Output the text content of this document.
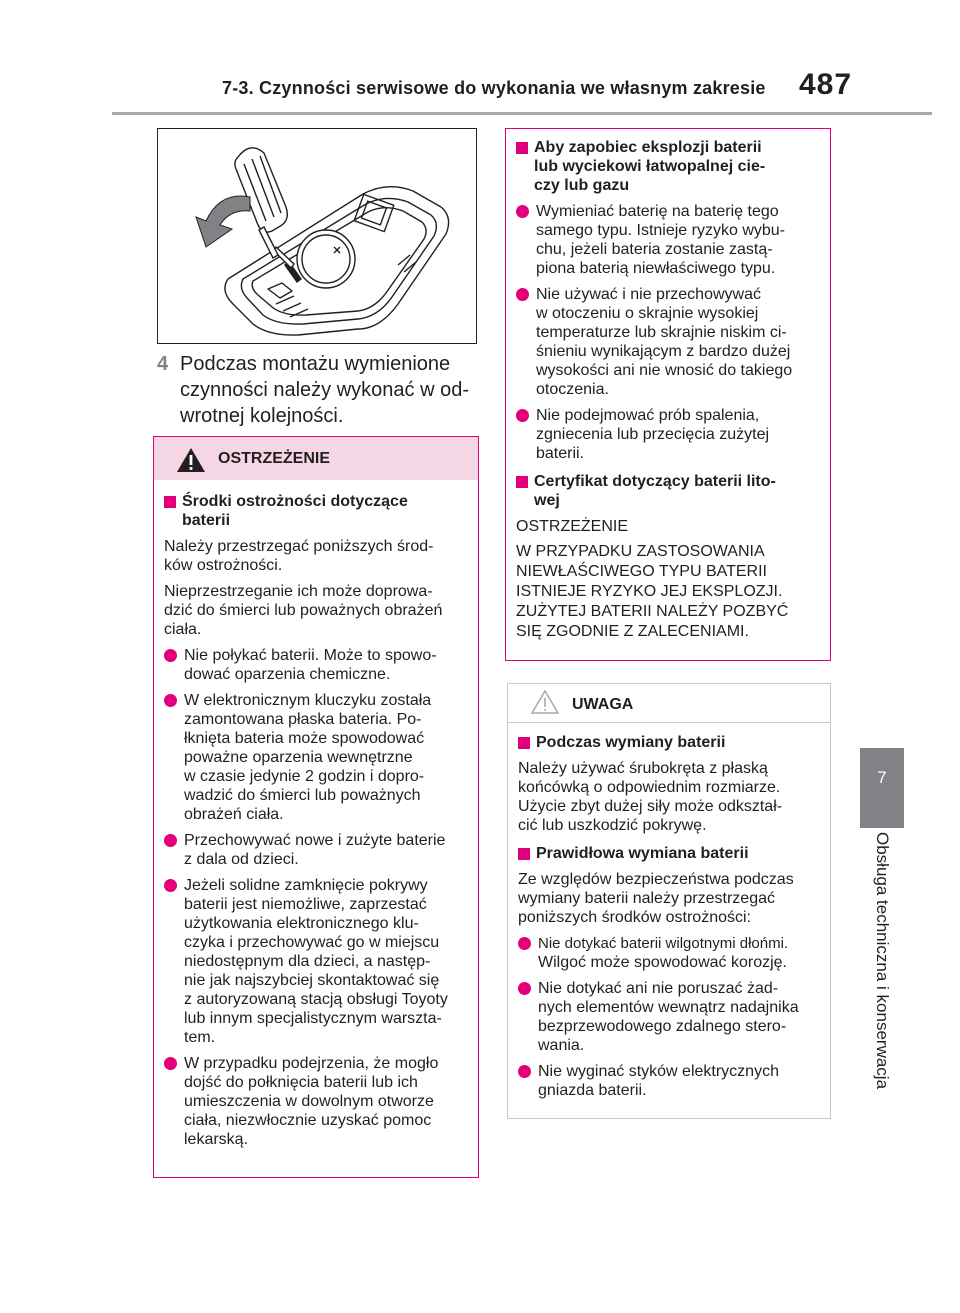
7-3. Czynności serwisowe do wykonania we własnym zakresie 487
7
Obsługa techniczna i konserwacja
4 Podczas montażu wymienione
czynności należy wykonać w od-
wrotnej kolejności.
OSTRZEŻENIE
Środki ostrożności dotyczące
baterii
Należy przestrzegać poniższych środ-
ków ostrożności.
Nieprzestrzeganie ich może doprowa-
dzić do śmierci lub poważnych obrażeń
ciała.
Nie połykać baterii. Może to spowo-
dować oparzenia chemiczne.
W elektronicznym kluczyku została
zamontowana płaska bateria. Po-
łknięta bateria może spowodować
poważne oparzenia wewnętrzne
w czasie jedynie 2 godzin i dopro-
wadzić do śmierci lub poważnych
obrażeń ciała.
Przechowywać nowe i zużyte baterie
z dala od dzieci.
Jeżeli solidne zamknięcie pokrywy
baterii jest niemożliwe, zaprzestać
użytkowania elektronicznego klu-
czyka i przechowywać go w miejscu
niedostępnym dla dzieci, a następ-
nie jak najszybciej skontaktować się
z autoryzowaną stacją obsługi Toyoty
lub innym specjalistycznym warszta-
tem.
W przypadku podejrzenia, że mogło
dojść do połknięcia baterii lub ich
umieszczenia w dowolnym otworze
ciała, niezwłocznie uzyskać pomoc
lekarską.
Aby zapobiec eksplozji baterii
lub wyciekowi łatwopalnej cie-
czy lub gazu
Wymieniać baterię na baterię tego
samego typu. Istnieje ryzyko wybu-
chu, jeżeli bateria zostanie zastą-
piona baterią niewłaściwego typu.
Nie używać i nie przechowywać
w otoczeniu o skrajnie wysokiej
temperaturze lub skrajnie niskim ci-
śnieniu wynikającym z bardzo dużej
wysokości ani nie wnosić do takiego
otoczenia.
Nie podejmować prób spalenia,
zgniecenia lub przecięcia zużytej
baterii.
Certyfikat dotyczący baterii lito-
wej
OSTRZEŻENIE
W PRZYPADKU ZASTOSOWANIA
NIEWŁAŚCIWEGO TYPU BATERII
ISTNIEJE RYZYKO JEJ EKSPLOZJI.
ZUŻYTEJ BATERII NALEŻY POZBYĆ
SIĘ ZGODNIE Z ZALECENIAMI.
UWAGA
Podczas wymiany baterii
Należy używać śrubokręta z płaską
końcówką o odpowiednim rozmiarze.
Użycie zbyt dużej siły może odkształ-
cić lub uszkodzić pokrywę.
Prawidłowa wymiana baterii
Ze względów bezpieczeństwa podczas
wymiany baterii należy przestrzegać
poniższych środków ostrożności:
Nie dotykać baterii wilgotnymi dłońmi.
Wilgoć może spowodować korozję.
Nie dotykać ani nie poruszać żad-
nych elementów wewnątrz nadajnika
bezprzewodowego zdalnego stero-
wania.
Nie wyginać styków elektrycznych
gniazda baterii.
